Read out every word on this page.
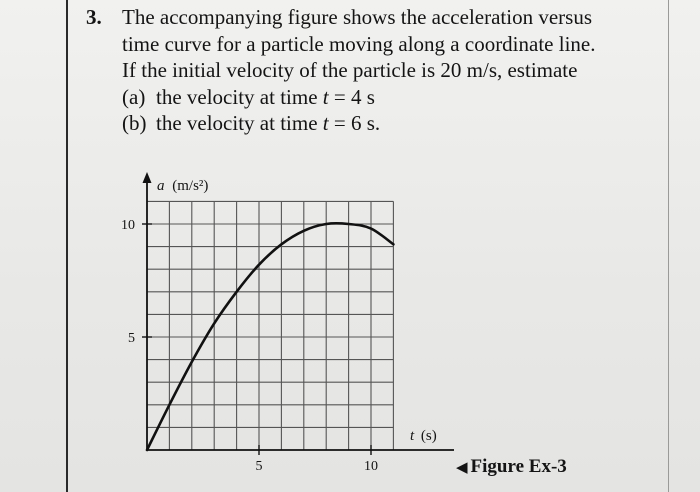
3. The accompanying figure shows the acceleration versus
time curve for a particle moving along a coordinate line.
If the initial velocity of the particle is 20 m/s, estimate
(a) the velocity at time t = 4 s
(b) the velocity at time t = 6 s.
5	10
5
10
a (m/s²)
t (s)
◀ Figure Ex-3
